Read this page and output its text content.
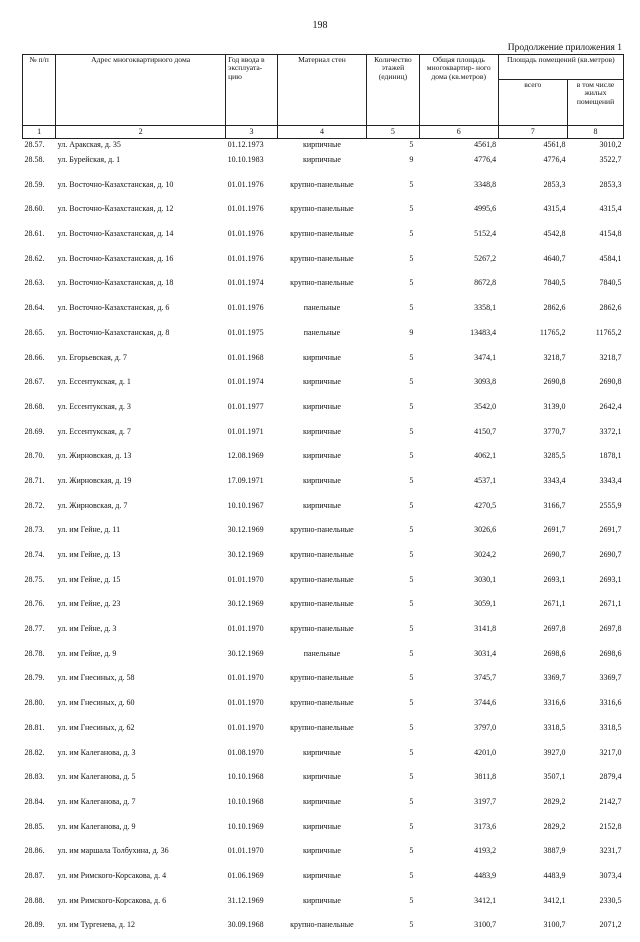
198
Продолжение приложения 1
№ п/п	Адрес многоквартирного дома	Год ввода в эксплуата- цию	Материал стен	Количество этажей (единиц)	Общая площадь многоквартир- ного дома (кв.метров)	Площадь помещений (кв.метров)	
						всего	в том числе жилых помещений
1	2	3	4	5	6	7	8
28.57.	ул. Аракская, д. 35	01.12.1973	кирпичные	5	4561,8	4561,8	3010,2
28.58.	ул. Бурейская, д. 1	10.10.1983	кирпичные	9	4776,4	4776,4	3522,7
28.59.	ул. Восточно-Казахстанская, д. 10	01.01.1976	крупно-панельные	5	3348,8	2853,3	2853,3
28.60.	ул. Восточно-Казахстанская, д. 12	01.01.1976	крупно-панельные	5	4995,6	4315,4	4315,4
28.61.	ул. Восточно-Казахстанская, д. 14	01.01.1976	крупно-панельные	5	5152,4	4542,8	4154,8
28.62.	ул. Восточно-Казахстанская, д. 16	01.01.1976	крупно-панельные	5	5267,2	4640,7	4584,1
28.63.	ул. Восточно-Казахстанская, д. 18	01.01.1974	крупно-панельные	5	8672,8	7840,5	7840,5
28.64.	ул. Восточно-Казахстанская, д. 6	01.01.1976	панельные	5	3358,1	2862,6	2862,6
28.65.	ул. Восточно-Казахстанская, д. 8	01.01.1975	панельные	9	13483,4	11765,2	11765,2
28.66.	ул. Егорьевская, д. 7	01.01.1968	кирпичные	5	3474,1	3218,7	3218,7
28.67.	ул. Ессентукская, д. 1	01.01.1974	кирпичные	5	3093,8	2690,8	2690,8
28.68.	ул. Ессентукская, д. 3	01.01.1977	кирпичные	5	3542,0	3139,0	2642,4
28.69.	ул. Ессентукская, д. 7	01.01.1971	кирпичные	5	4150,7	3770,7	3372,1
28.70.	ул. Жирновская, д. 13	12.08.1969	кирпичные	5	4062,1	3285,5	1878,1
28.71.	ул. Жирновская, д. 19	17.09.1971	кирпичные	5	4537,1	3343,4	3343,4
28.72.	ул. Жирновская, д. 7	10.10.1967	кирпичные	5	4270,5	3166,7	2555,9
28.73.	ул. им Гейне, д. 11	30.12.1969	крупно-панельные	5	3026,6	2691,7	2691,7
28.74.	ул. им Гейне, д. 13	30.12.1969	крупно-панельные	5	3024,2	2690,7	2690,7
28.75.	ул. им Гейне, д. 15	01.01.1970	крупно-панельные	5	3030,1	2693,1	2693,1
28.76.	ул. им Гейне, д. 23	30.12.1969	крупно-панельные	5	3059,1	2671,1	2671,1
28.77.	ул. им Гейне, д. 3	01.01.1970	крупно-панельные	5	3141,8	2697,8	2697,8
28.78.	ул. им Гейне, д. 9	30.12.1969	панельные	5	3031,4	2698,6	2698,6
28.79.	ул. им Гнесиных, д. 58	01.01.1970	крупно-панельные	5	3745,7	3369,7	3369,7
28.80.	ул. им Гнесиных, д. 60	01.01.1970	крупно-панельные	5	3744,6	3316,6	3316,6
28.81.	ул. им Гнесиных, д. 62	01.01.1970	крупно-панельные	5	3797,0	3318,5	3318,5
28.82.	ул. им Калеганова, д. 3	01.08.1970	кирпичные	5	4201,0	3927,0	3217,0
28.83.	ул. им Калеганова, д. 5	10.10.1968	кирпичные	5	3811,8	3507,1	2879,4
28.84.	ул. им Калеганова, д. 7	10.10.1968	кирпичные	5	3197,7	2829,2	2142,7
28.85.	ул. им Калеганова, д. 9	10.10.1969	кирпичные	5	3173,6	2829,2	2152,8
28.86.	ул. им маршала Толбухина, д. 36	01.01.1970	кирпичные	5	4193,2	3887,9	3231,7
28.87.	ул. им Римского-Корсакова, д. 4	01.06.1969	кирпичные	5	4483,9	4483,9	3073,4
28.88.	ул. им Римского-Корсакова, д. 6	31.12.1969	кирпичные	5	3412,1	3412,1	2330,5
28.89.	ул. им Тургенева, д. 12	30.09.1968	крупно-панельные	5	3100,7	3100,7	2071,2
